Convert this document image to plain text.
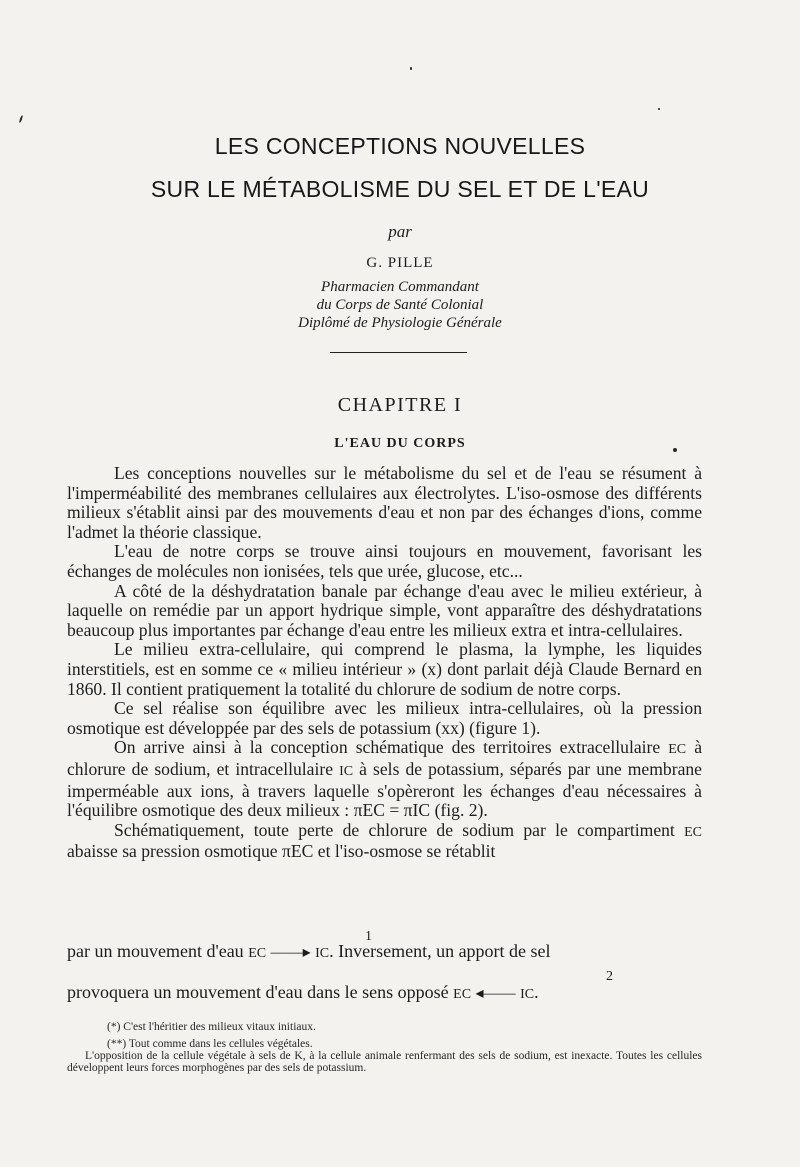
LES CONCEPTIONS NOUVELLES
SUR LE MÉTABOLISME DU SEL ET DE L'EAU
par
G. PILLE
Pharmacien Commandant
du Corps de Santé Colonial
Diplômé de Physiologie Générale
CHAPITRE I
L'EAU DU CORPS

Les conceptions nouvelles sur le métabolisme du sel et de l'eau se résument à l'imperméabilité des membranes cellulaires aux électrolytes. L'iso-osmose des différents milieux s'établit ainsi par des mouvements d'eau et non par des échanges d'ions, comme l'admet la théorie classique.

L'eau de notre corps se trouve ainsi toujours en mouvement, favorisant les échanges de molécules non ionisées, tels que urée, glucose, etc...

A côté de la déshydratation banale par échange d'eau avec le milieu extérieur, à laquelle on remédie par un apport hydrique simple, vont apparaître des déshydratations beaucoup plus importantes par échange d'eau entre les milieux extra et intra-cellulaires.

Le milieu extra-cellulaire, qui comprend le plasma, la lymphe, les liquides interstitiels, est en somme ce « milieu intérieur » (x) dont parlait déjà Claude Bernard en 1860. Il contient pratiquement la totalité du chlorure de sodium de notre corps.

Ce sel réalise son équilibre avec les milieux intra-cellulaires, où la pression osmotique est développée par des sels de potassium (xx) (figure 1).

On arrive ainsi à la conception schématique des territoires extracellulaire EC à chlorure de sodium, et intracellulaire IC à sels de potassium, séparés par une membrane imperméable aux ions, à travers laquelle s'opèreront les échanges d'eau nécessaires à l'équilibre osmotique des deux milieux : πEC = πIC (fig. 2).

Schématiquement, toute perte de chlorure de sodium par le compartiment EC abaisse sa pression osmotique πEC et l'iso-osmose se rétablit

1
par un mouvement d'eau EC ——▸ IC. Inversement, un apport de sel
2
provoquera un mouvement d'eau dans le sens opposé EC ◂—— IC.
(*) C'est l'héritier des milieux vitaux initiaux.

(**) Tout comme dans les cellules végétales.

L'opposition de la cellule végétale à sels de K, à la cellule animale renfermant des sels de sodium, est inexacte. Toutes les cellules développent leurs forces morphogènes par des sels de potassium.
